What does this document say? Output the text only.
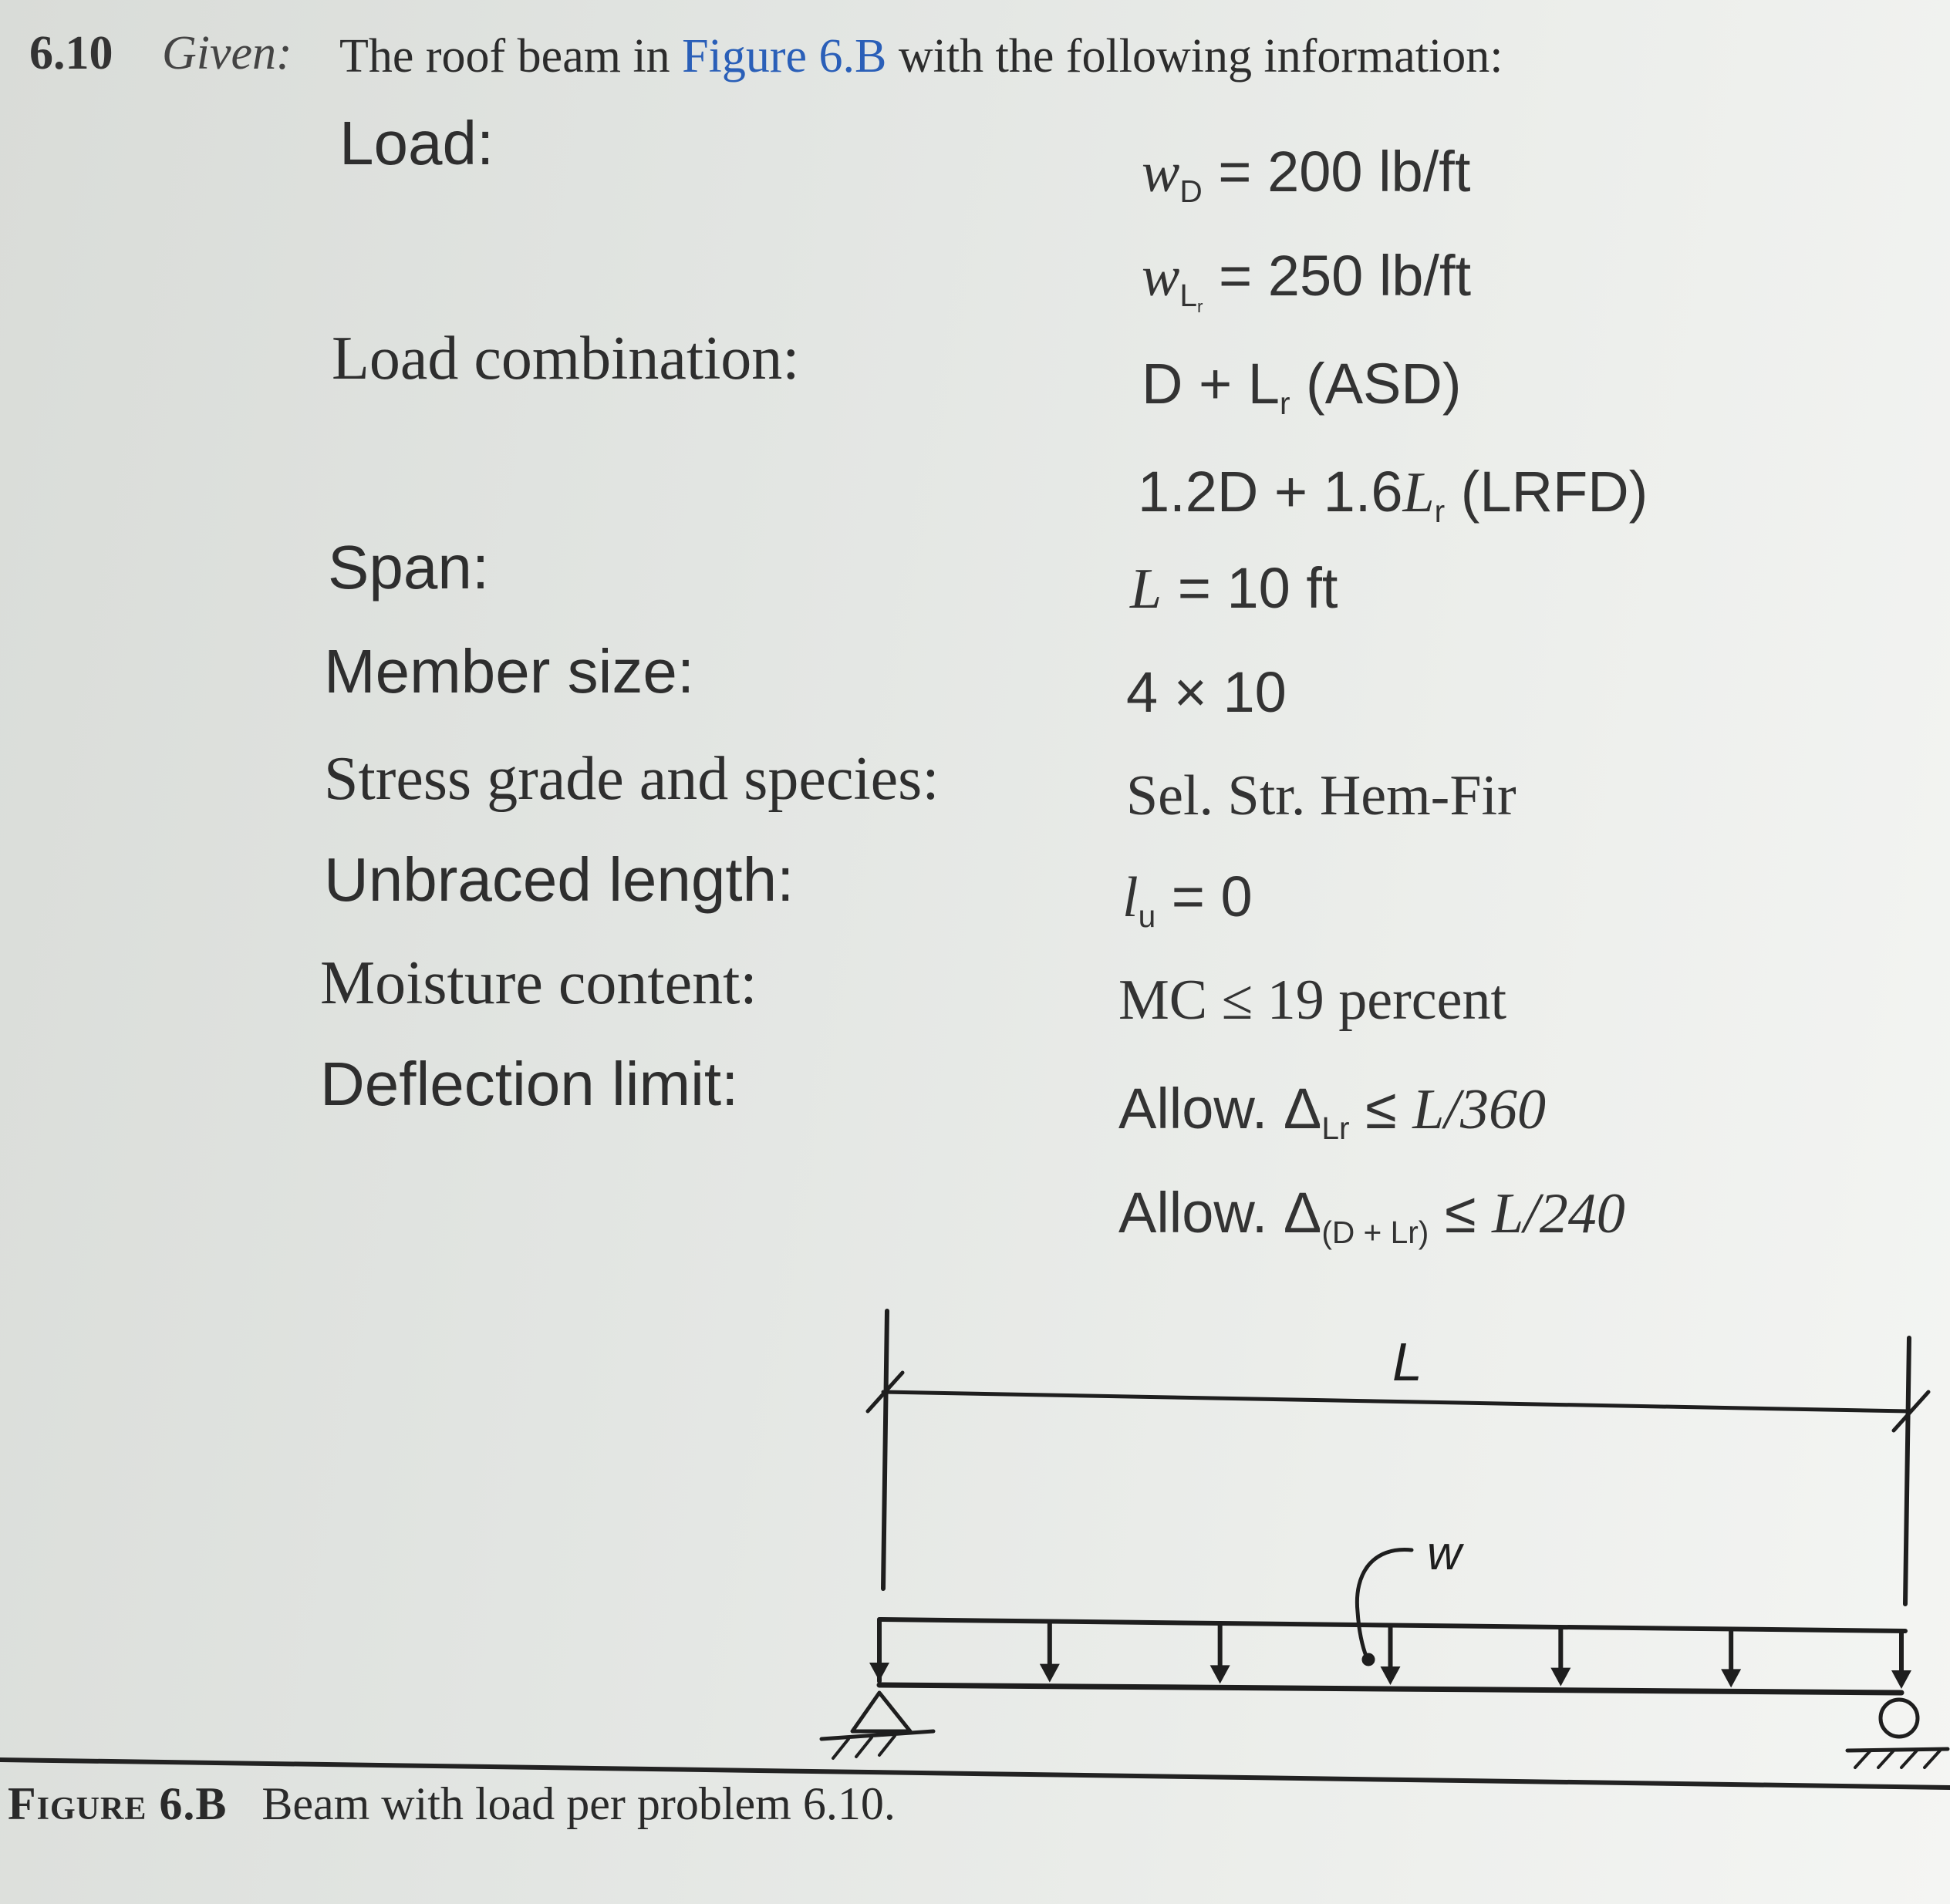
6.10 Given: The roof beam in Figure 6.B with the following information:
Load:	$w_D = 200$ lb/ft
$w_{L_r} = 250$ lb/ft
Load combination:	$D + L_r$ (ASD)
$1.2D + 1.6L_r$ (LRFD)
Span:	L = 10 ft
Member size:	4 × 10
Stress grade and species:	Sel. Str. Hem-Fir
Unbraced length:	$l_u = 0$
Moisture content:	MC ≤ 19 percent
Deflection limit:	Allow. $\Delta_{Lr} \le L/360$
Allow. $\Delta_{(D + Lr)} \le L/240$
L
w
Figure 6.B Beam with load per problem 6.10.
